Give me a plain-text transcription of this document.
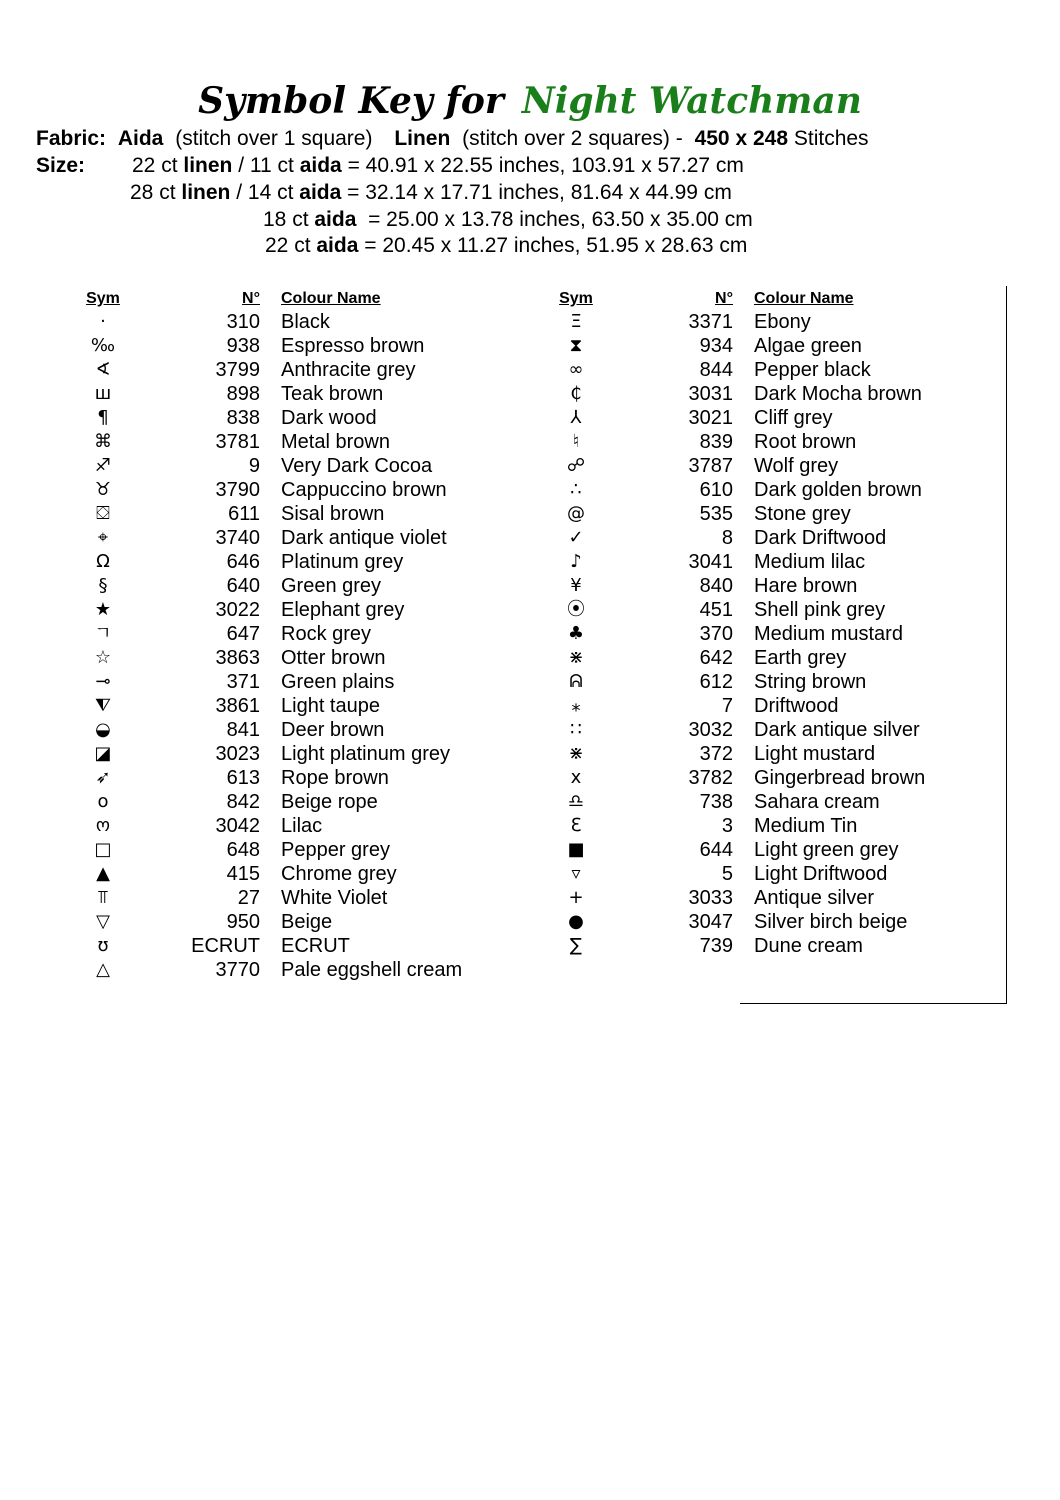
Symbol Key for Night Watchman
Fabric: Aida (stitch over 1 square) Linen (stitch over 2 squares) - 450 x 248 Stitches
Size: 22 ct linen / 11 ct aida = 40.91 x 22.55 inches, 103.91 x 57.27 cm
28 ct linen / 14 ct aida = 32.14 x 17.71 inches, 81.64 x 44.99 cm
18 ct aida  = 25.00 x 13.78 inches, 63.50 x 35.00 cm
22 ct aida = 20.45 x 11.27 inches, 51.95 x 28.63 cm
Sym	N° Colour Name
·	310 Black
‰	938 Espresso brown
∢	3799 Anthracite grey
ш	898 Teak brown
¶	838 Dark wood
⌘	3781 Metal brown
♐	9 Very Dark Cocoa
♉	3790 Cappuccino brown
⛋	611 Sisal brown
⌖	3740 Dark antique violet
Ω	646 Platinum grey
§	640 Green grey
★	3022 Elephant grey
ㄱ	647 Rock grey
☆	3863 Otter brown
⊸	371 Green plains
⧨	3861 Light taupe
◒	841 Deer brown
◪	3023 Light platinum grey
➶	613 Rope brown
o	842 Beige rope
ო	3042 Lilac
□	648 Pepper grey
▲	415 Chrome grey
⫪	27 White Violet
▽	950 Beige
ʊ	ECRUT ECRUT
△	3770 Pale eggshell cream
Sym	N° Colour Name
Ξ	3371 Ebony
⧗	934 Algae green
∞	844 Pepper black
₵	3031 Dark Mocha brown
⅄	3021 Cliff grey
♮	839 Root brown
☍	3787 Wolf grey
∴	610 Dark golden brown
@	535 Stone grey
✓	8 Dark Driftwood
♪	3041 Medium lilac
¥	840 Hare brown
⦿	451 Shell pink grey
♣	370 Medium mustard
⋇	642 Earth grey
ᕱ	612 String brown
⁎	7 Driftwood
∷	3032 Dark antique silver
⋇	372 Light mustard
x	3782 Gingerbread brown
♎	738 Sahara cream
ℇ	3 Medium Tin
■	644 Light green grey
▿	5 Light Driftwood
+	3033 Antique silver
●	3047 Silver birch beige
∑	739 Dune cream
